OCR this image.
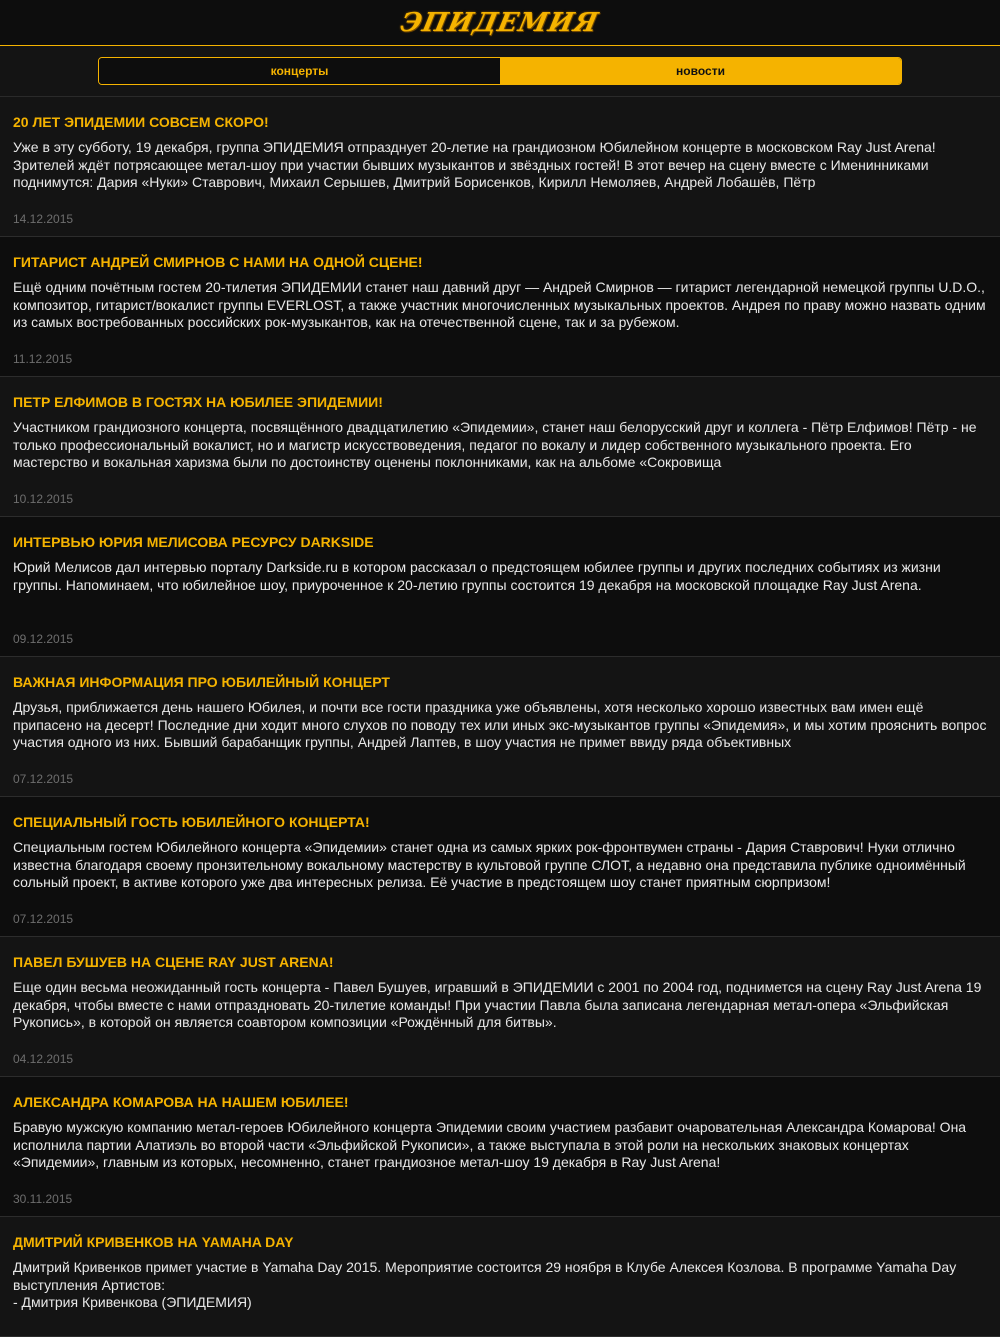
ЭПИДЕМИЯ
концерты	новости

20 ЛЕТ ЭПИДЕМИИ СОВСЕМ СКОРО!

Уже в эту субботу, 19 декабря, группа ЭПИДЕМИЯ отпразднует 20-летие на грандиозном Юбилейном концерте в московском Ray Just Arena! Зрителей ждёт потрясающее метал-шоу при участии бывших музыкантов и звёздных гостей! В этот вечер на сцену вместе с Именинниками поднимутся: Дария «Нуки» Ставрович, Михаил Серышев, Дмитрий Борисенков, Кирилл Немоляев, Андрей Лобашёв, Пётр

14.12.2015

ГИТАРИСТ АНДРЕЙ СМИРНОВ С НАМИ НА ОДНОЙ СЦЕНЕ!

Ещё одним почётным гостем 20-тилетия ЭПИДЕМИИ станет наш давний друг — Андрей Смирнов — гитарист легендарной немецкой группы U.D.O., композитор, гитарист/вокалист группы EVERLOST, а также участник многочисленных музыкальных проектов. Андрея по праву можно назвать одним из самых востребованных российских рок-музыкантов, как на отечественной сцене, так и за рубежом.

11.12.2015

ПЕТР ЕЛФИМОВ В ГОСТЯХ НА ЮБИЛЕЕ ЭПИДЕМИИ!

Участником грандиозного концерта, посвящённого двадцатилетию «Эпидемии», станет наш белорусский друг и коллега - Пётр Елфимов! Пётр - не только профессиональный вокалист, но и магистр искусствоведения, педагог по вокалу и лидер собственного музыкального проекта. Его мастерство и вокальная харизма были по достоинству оценены поклонниками, как на альбоме «Сокровища

10.12.2015

ИНТЕРВЬЮ ЮРИЯ МЕЛИСОВА РЕСУРСУ DARKSIDE

Юрий Мелисов дал интервью порталу Darkside.ru в котором рассказал о предстоящем юбилее группы и других последних событиях из жизни группы. Напоминаем, что юбилейное шоу, приуроченное к 20-летию группы состоится 19 декабря на московской площадке Ray Just Arena.

09.12.2015

ВАЖНАЯ ИНФОРМАЦИЯ ПРО ЮБИЛЕЙНЫЙ КОНЦЕРТ

Друзья, приближается день нашего Юбилея, и почти все гости праздника уже объявлены, хотя несколько хорошо известных вам имен ещё припасено на десерт! Последние дни ходит много слухов по поводу тех или иных экс-музыкантов группы «Эпидемия», и мы хотим прояснить вопрос участия одного из них. Бывший барабанщик группы, Андрей Лаптев, в шоу участия не примет ввиду ряда объективных

07.12.2015

СПЕЦИАЛЬНЫЙ ГОСТЬ ЮБИЛЕЙНОГО КОНЦЕРТА!

Специальным гостем Юбилейного концерта «Эпидемии» станет одна из самых ярких рок-фронтвумен страны - Дария Ставрович! Нуки отлично известна благодаря своему пронзительному вокальному мастерству в культовой группе СЛОТ, а недавно она представила публике одноимённый сольный проект, в активе которого уже два интересных релиза. Её участие в предстоящем шоу станет приятным сюрпризом!

07.12.2015

ПАВЕЛ БУШУЕВ НА СЦЕНЕ RAY JUST ARENA!

Еще один весьма неожиданный гость концерта - Павел Бушуев, игравший в ЭПИДЕМИИ с 2001 по 2004 год, поднимется на сцену Ray Just Arena 19 декабря, чтобы вместе с нами отпраздновать 20-тилетие команды! При участии Павла была записана легендарная метал-опера «Эльфийская Рукопись», в которой он является соавтором композиции «Рождённый для битвы».

04.12.2015

АЛЕКСАНДРА КОМАРОВА НА НАШЕМ ЮБИЛЕЕ!

Бравую мужскую компанию метал-героев Юбилейного концерта Эпидемии своим участием разбавит очаровательная Александра Комарова! Она исполнила партии Алатиэль во второй части «Эльфийской Рукописи», а также выступала в этой роли на нескольких знаковых концертах «Эпидемии», главным из которых, несомненно, станет грандиозное метал-шоу 19 декабря в Ray Just Arena!

30.11.2015

ДМИТРИЙ КРИВЕНКОВ НА YAMAHA DAY

Дмитрий Кривенков примет участие в Yamaha Day 2015. Мероприятие состоится 29 ноября в Клубе Алексея Козлова. В программе Yamaha Day выступления Артистов:
- Дмитрия Кривенкова (ЭПИДЕМИЯ)
